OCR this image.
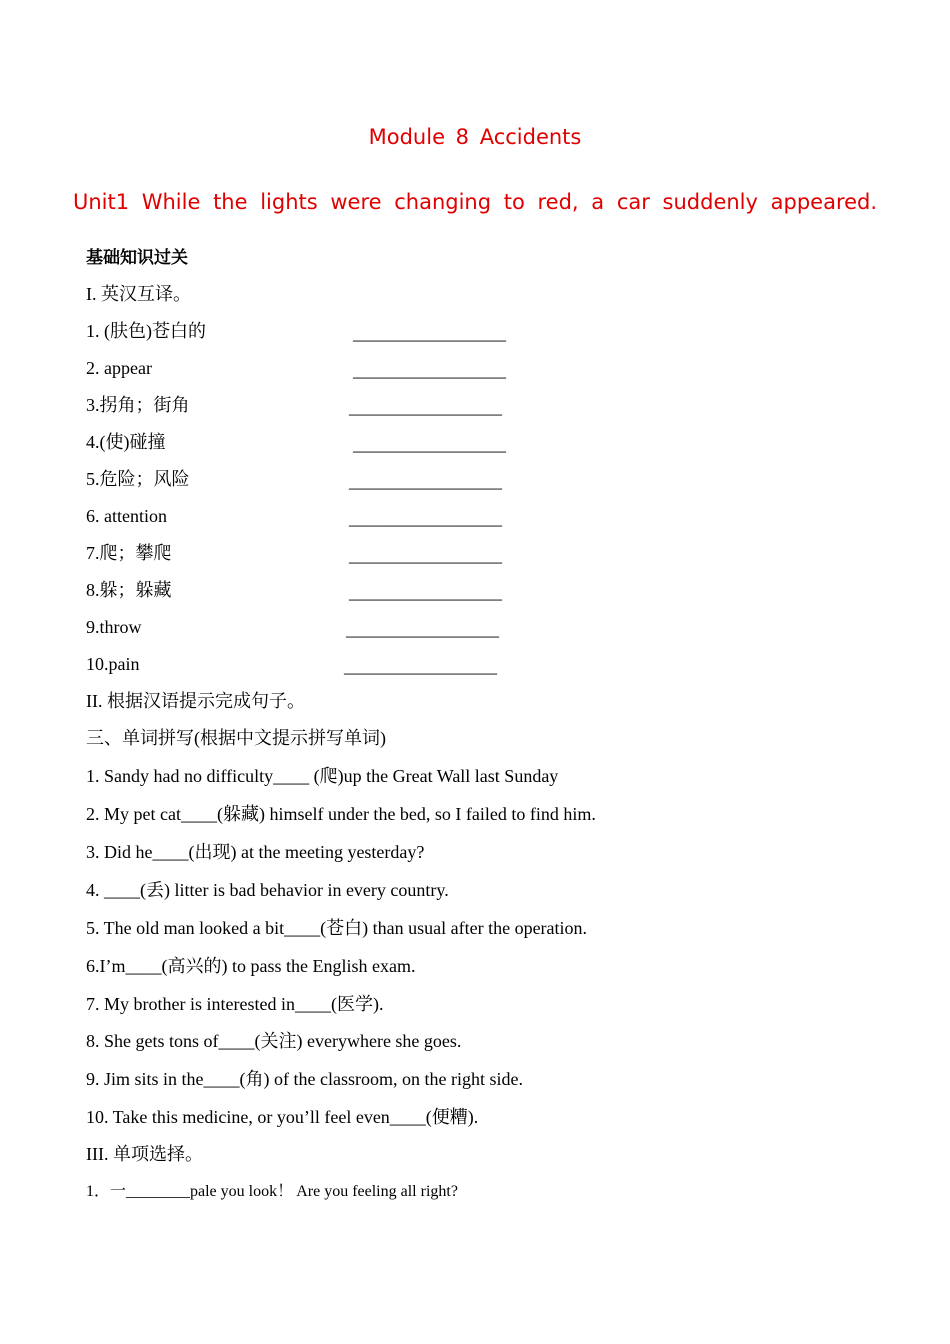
Module 8 Accidents
Unit1 While the lights were changing to red, a car suddenly appeared.
基础知识过关
I. 英汉互译。
1. (肤色)苍白的	_________________
2. appear	_________________
3.拐角；街角	_________________
4.(使)碰撞	_________________
5.危险；风险	_________________
6. attention	_________________
7.爬；攀爬	_________________
8.躲；躲藏	_________________
9.throw	_________________
10.pain	_________________
II. 根据汉语提示完成句子。
三、单词拼写(根据中文提示拼写单词)
1. Sandy had no difficulty____ (爬)up the Great Wall last Sunday
2. My pet cat____(躲藏) himself under the bed, so I failed to find him.
3. Did he____(出现) at the meeting yesterday?
4. ____(丢) litter is bad behavior in every country.
5. The old man looked a bit____(苍白) than usual after the operation.
6.I’m____(高兴的) to pass the English exam.
7. My brother is interested in____(医学).
8. She gets tons of____(关注) everywhere she goes.
9. Jim sits in the____(角) of the classroom, on the right side.
10. Take this medicine, or you’ll feel even____(便糟).
III. 单项选择。
1．一________pale you look！ Are you feeling all right?
